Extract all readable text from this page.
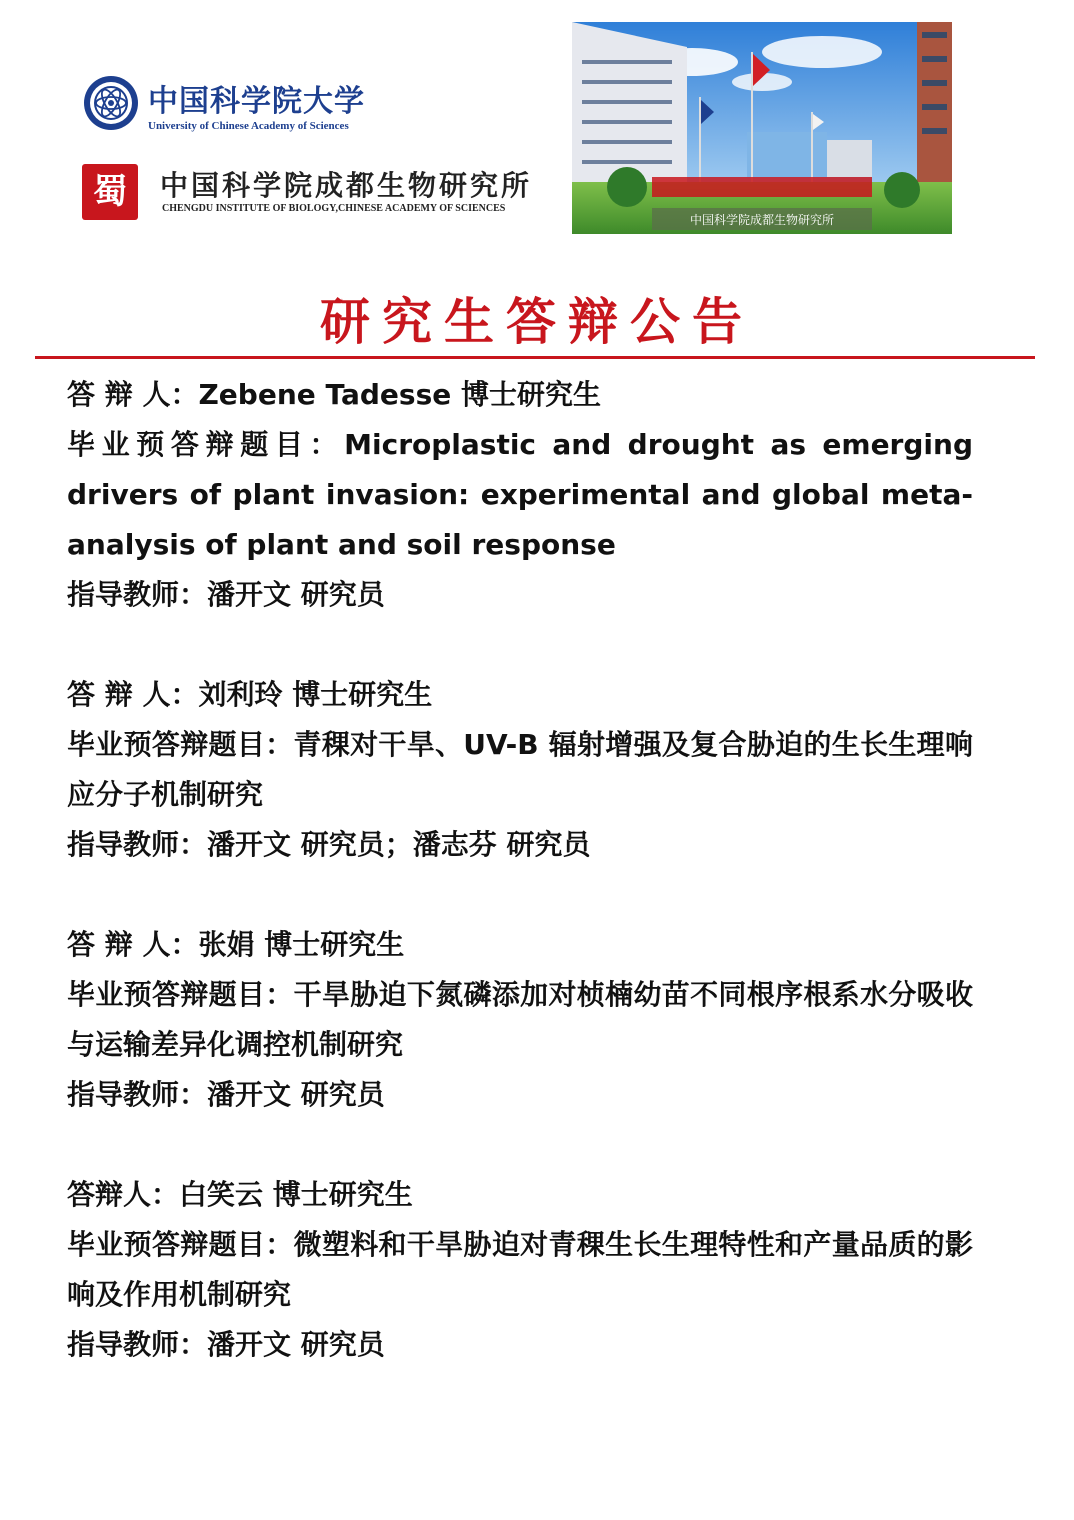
中国科学院大学
University of Chinese Academy of Sciences
蜀	中国科学院成都生物研究所
CHENGDU INSTITUTE OF BIOLOGY,CHINESE ACADEMY OF SCIENCES
中国科学院成都生物研究所
研究生答辩公告

答 辩 人：Zebene Tadesse 博士研究生

毕业预答辩题目：Microplastic and drought as emerging drivers of plant invasion: experimental and global meta-analysis of plant and soil response

指导教师：潘开文 研究员

答 辩 人：刘利玲 博士研究生

毕业预答辩题目：青稞对干旱、UV-B 辐射增强及复合胁迫的生长生理响应分子机制研究

指导教师：潘开文 研究员；潘志芬 研究员

答 辩 人：张娟 博士研究生

毕业预答辩题目：干旱胁迫下氮磷添加对桢楠幼苗不同根序根系水分吸收与运输差异化调控机制研究

指导教师：潘开文 研究员

答辩人：白笑云 博士研究生

毕业预答辩题目：微塑料和干旱胁迫对青稞生长生理特性和产量品质的影响及作用机制研究

指导教师：潘开文 研究员
